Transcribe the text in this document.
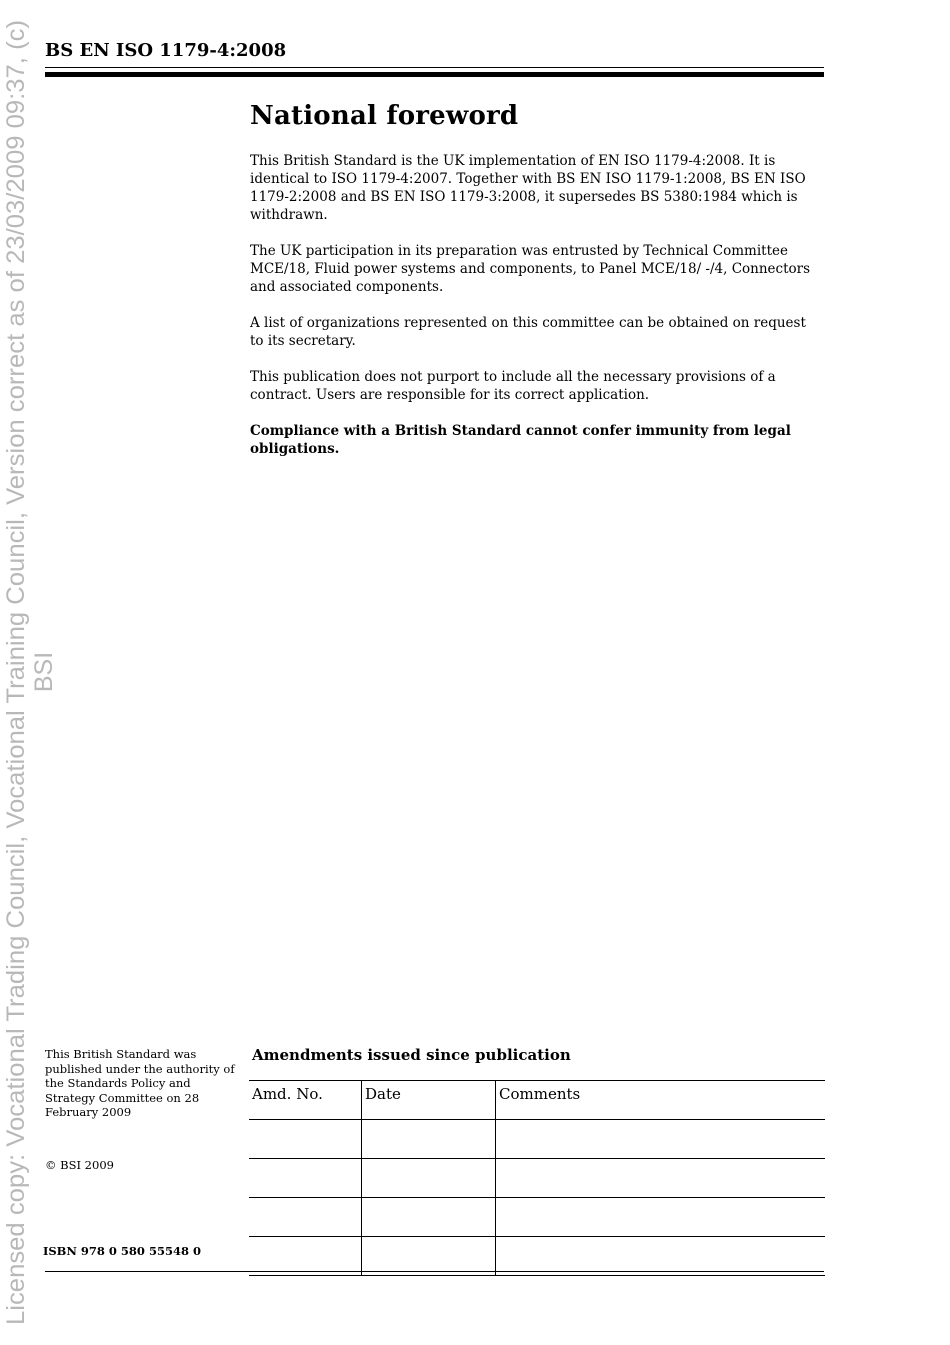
BS EN ISO 1179-4:2008
Licensed copy: Vocational Trading Council, Vocational Training Council, Version correct as of 23/03/2009 09:37, (c) BSI
National foreword

This British Standard is the UK implementation of EN ISO 1179-4:2008. It is identical to ISO 1179-4:2007. Together with BS EN ISO 1179-1:2008, BS EN ISO 1179-2:2008 and BS EN ISO 1179-3:2008, it supersedes BS 5380:1984 which is withdrawn.

The UK participation in its preparation was entrusted by Technical Committee MCE/18, Fluid power systems and components, to Panel MCE/18/ -/4, Connectors and associated components.

A list of organizations represented on this committee can be obtained on request to its secretary.

This publication does not purport to include all the necessary provisions of a contract. Users are responsible for its correct application.

Compliance with a British Standard cannot confer immunity from legal obligations.

This British Standard was published under the authority of the Standards Policy and Strategy Committee on 28 February 2009
© BSI 2009
ISBN 978 0 580 55548 0
Amendments issued since publication
Amd. No.	Date	Comments
